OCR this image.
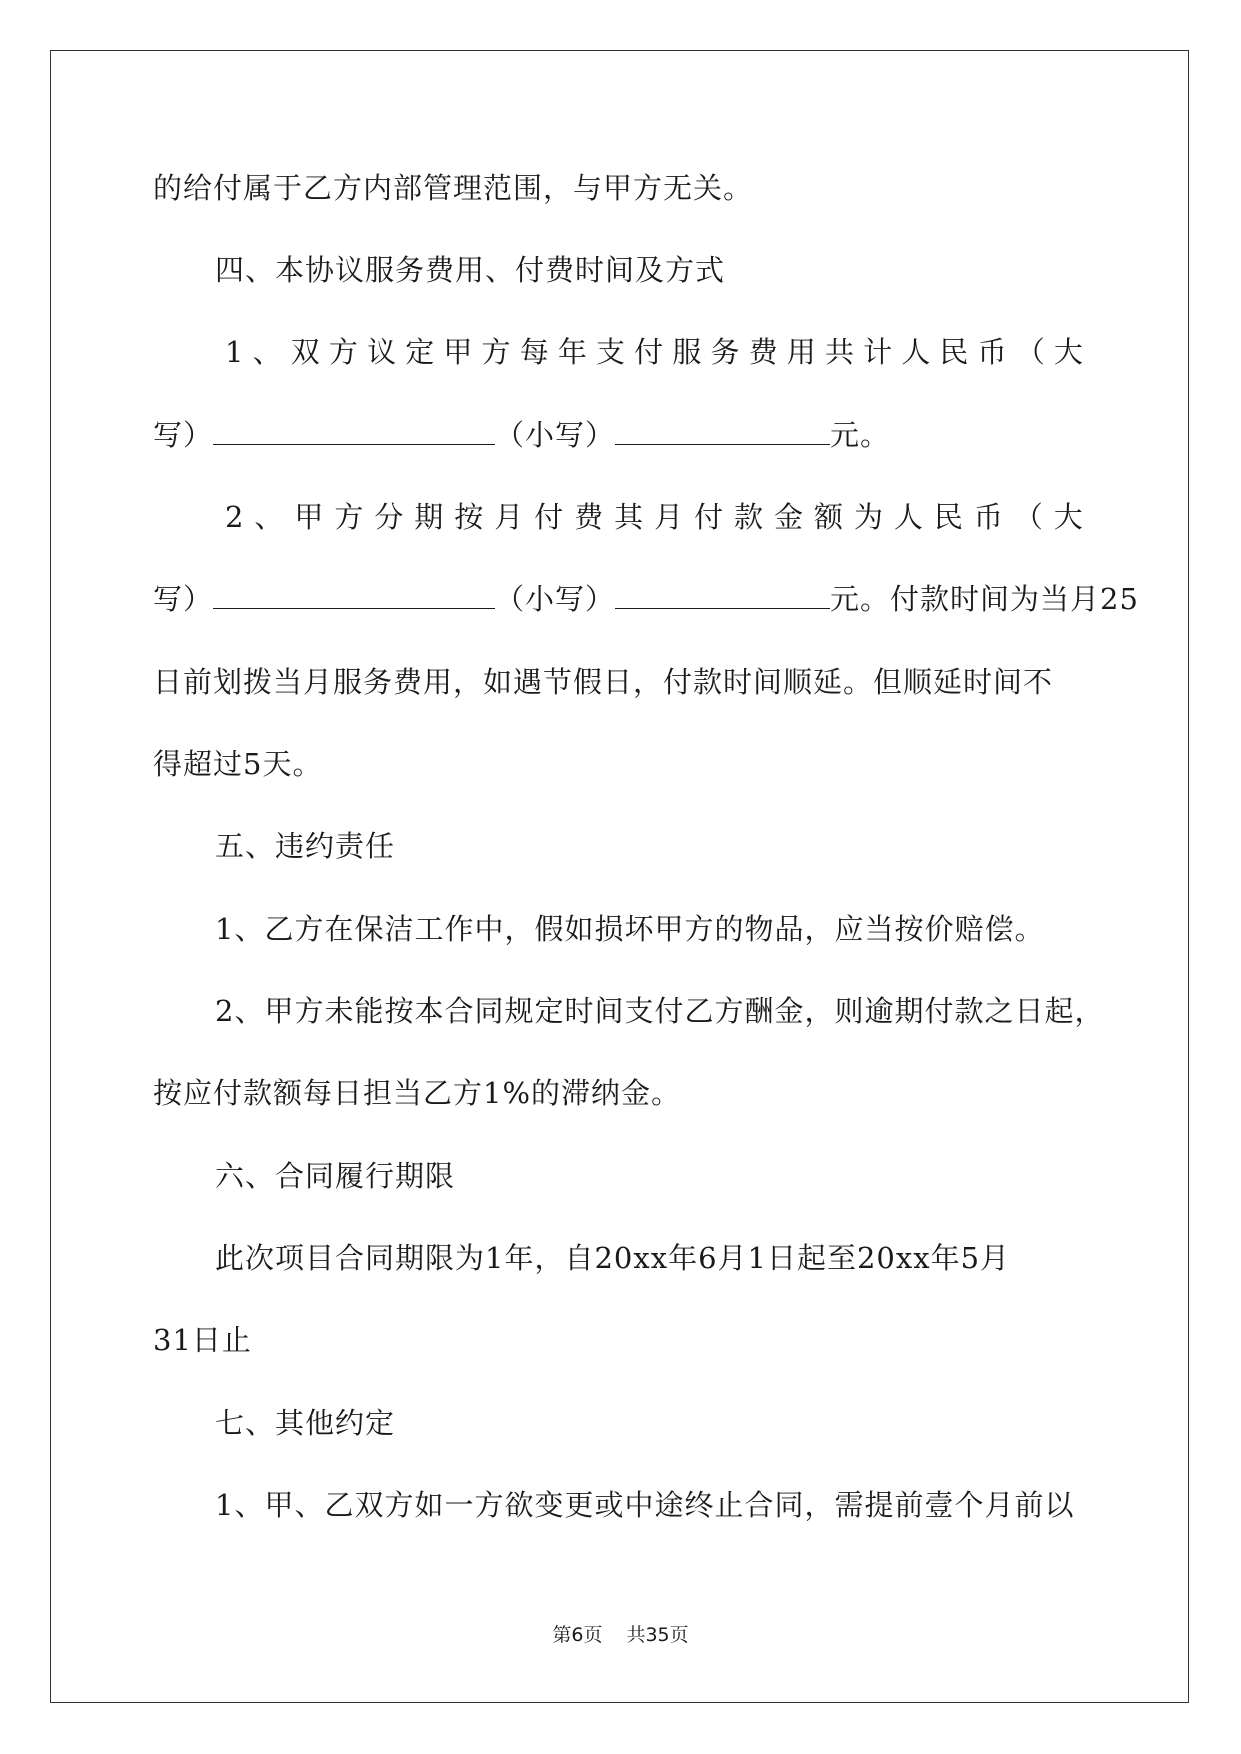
的给付属于乙方内部管理范围，与甲方无关。
四、本协议服务费用、付费时间及方式
1 、 双 方 议 定 甲 方 每 年 支 付 服 务 费 用 共 计 人 民 币 （ 大
写）	（小写）	元。
2 、 甲 方 分 期 按 月 付 费 其 月 付 款 金 额 为 人 民 币 （ 大
写）	（小写）	元。付款时间为当月25
日前划拨当月服务费用，如遇节假日，付款时间顺延。但顺延时间不
得超过5天。
五、违约责任
1、乙方在保洁工作中，假如损坏甲方的物品，应当按价赔偿。
2、甲方未能按本合同规定时间支付乙方酬金，则逾期付款之日起，
按应付款额每日担当乙方1%的滞纳金。
六、合同履行期限
此次项目合同期限为1年，自20xx年6月1日起至20xx年5月
31日止
七、其他约定
1、甲、乙双方如一方欲变更或中途终止合同，需提前壹个月前以
第6页 共35页
